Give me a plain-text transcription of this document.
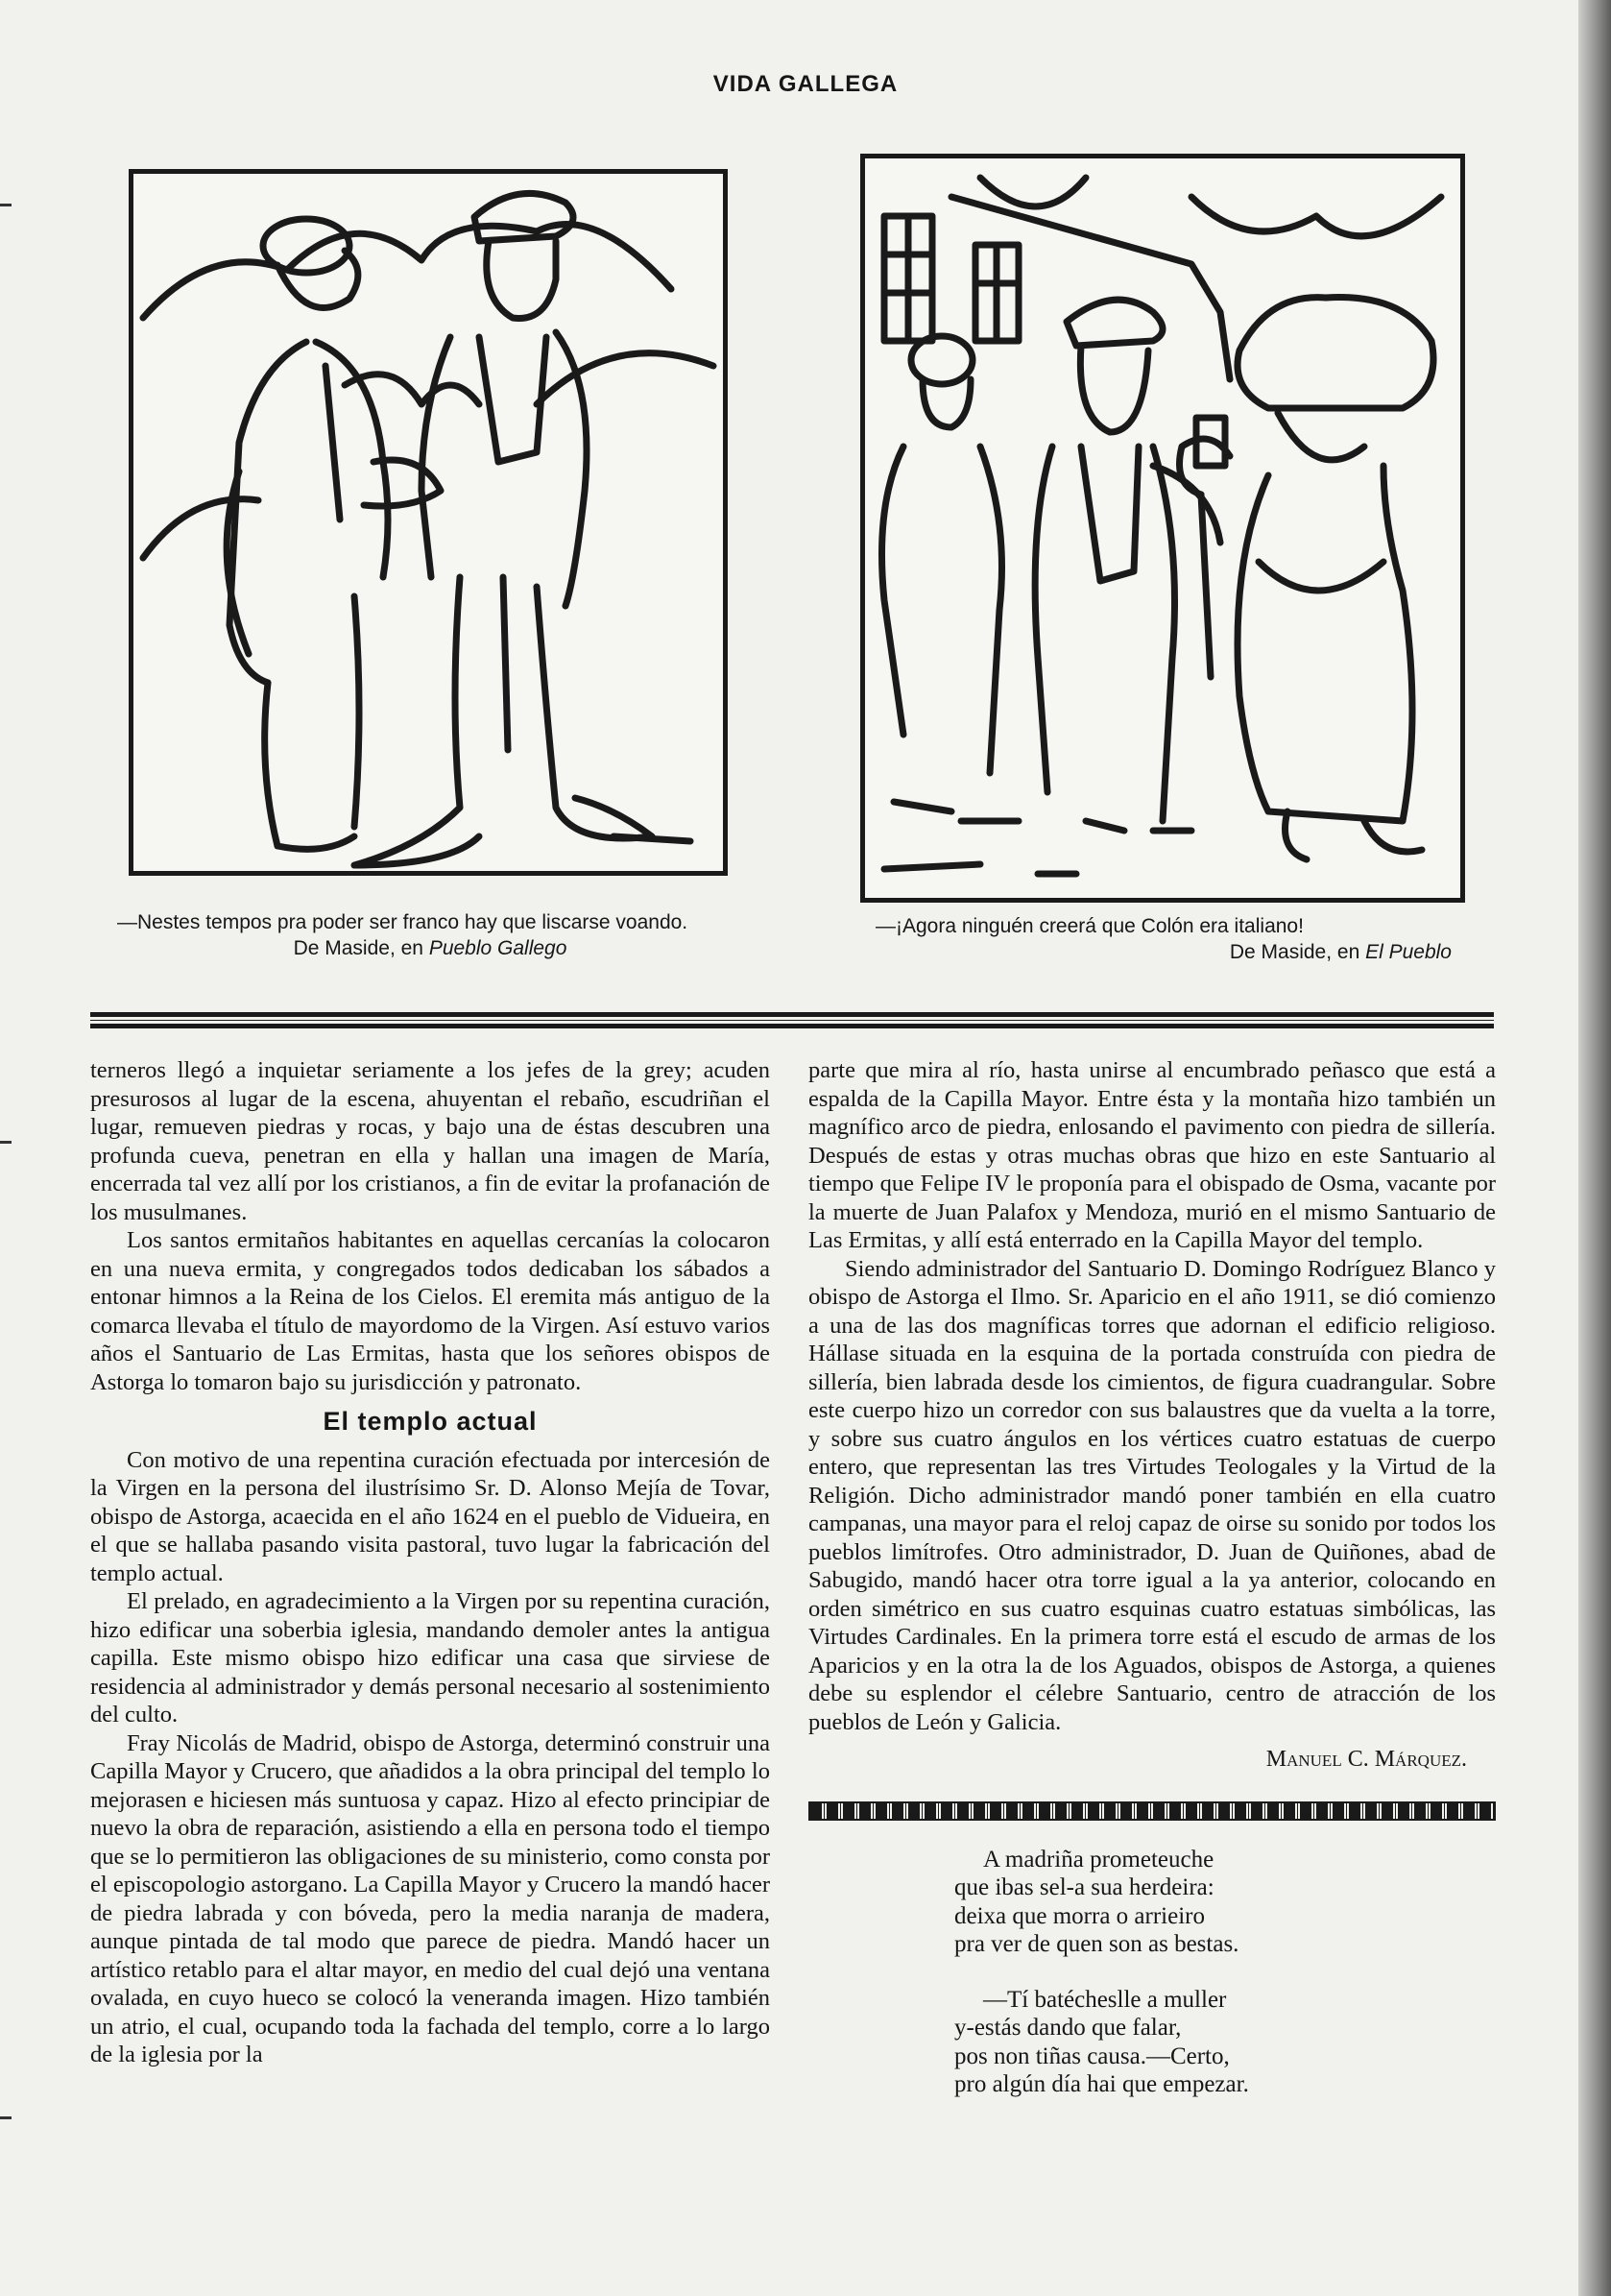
VIDA GALLEGA
—Nestes tempos pra poder ser franco hay que liscarse voando.
De Maside, en Pueblo Gallego
—¡Agora ninguén creerá que Colón era italiano!
De Maside, en El Pueblo

terneros llegó a inquietar seriamente a los jefes de la grey; acuden presurosos al lugar de la escena, ahuyentan el rebaño, escudriñan el lugar, remueven piedras y rocas, y bajo una de éstas descubren una profunda cueva, penetran en ella y hallan una imagen de María, encerrada tal vez allí por los cristianos, a fin de evitar la profanación de los musulmanes.

Los santos ermitaños habitantes en aquellas cercanías la colocaron en una nueva ermita, y congregados todos dedicaban los sábados a entonar himnos a la Reina de los Cielos. El eremita más antiguo de la comarca llevaba el título de mayordomo de la Virgen. Así estuvo varios años el Santuario de Las Ermitas, hasta que los señores obispos de Astorga lo tomaron bajo su jurisdicción y patronato.

El templo actual

Con motivo de una repentina curación efectuada por intercesión de la Virgen en la persona del ilustrísimo Sr. D. Alonso Mejía de Tovar, obispo de Astorga, acaecida en el año 1624 en el pueblo de Vidueira, en el que se hallaba pasando visita pastoral, tuvo lugar la fabricación del templo actual.

El prelado, en agradecimiento a la Virgen por su repentina curación, hizo edificar una soberbia iglesia, mandando demoler antes la antigua capilla. Este mismo obispo hizo edificar una casa que sirviese de residencia al administrador y demás personal necesario al sostenimiento del culto.

Fray Nicolás de Madrid, obispo de Astorga, determinó construir una Capilla Mayor y Crucero, que añadidos a la obra principal del templo lo mejorasen e hiciesen más suntuosa y capaz. Hizo al efecto principiar de nuevo la obra de reparación, asistiendo a ella en persona todo el tiempo que se lo permitieron las obligaciones de su ministerio, como consta por el episcopologio astorgano. La Capilla Mayor y Crucero la mandó hacer de piedra labrada y con bóveda, pero la media naranja de madera, aunque pintada de tal modo que parece de piedra. Mandó hacer un artístico retablo para el altar mayor, en medio del cual dejó una ventana ovalada, en cuyo hueco se colocó la veneranda imagen. Hizo también un atrio, el cual, ocupando toda la fachada del templo, corre a lo largo de la iglesia por la

parte que mira al río, hasta unirse al encumbrado peñasco que está a espalda de la Capilla Mayor. Entre ésta y la montaña hizo también un magnífico arco de piedra, enlosando el pavimento con piedra de sillería. Después de estas y otras muchas obras que hizo en este Santuario al tiempo que Felipe IV le proponía para el obispado de Osma, vacante por la muerte de Juan Palafox y Mendoza, murió en el mismo Santuario de Las Ermitas, y allí está enterrado en la Capilla Mayor del templo.

Siendo administrador del Santuario D. Domingo Rodríguez Blanco y obispo de Astorga el Ilmo. Sr. Aparicio en el año 1911, se dió comienzo a una de las dos magníficas torres que adornan el edificio religioso. Hállase situada en la esquina de la portada construída con piedra de sillería, bien labrada desde los cimientos, de figura cuadrangular. Sobre este cuerpo hizo un corredor con sus balaustres que da vuelta a la torre, y sobre sus cuatro ángulos en los vértices cuatro estatuas de cuerpo entero, que representan las tres Virtudes Teologales y la Virtud de la Religión. Dicho administrador mandó poner también en ella cuatro campanas, una mayor para el reloj capaz de oirse su sonido por todos los pueblos limítrofes. Otro administrador, D. Juan de Quiñones, abad de Sabugido, mandó hacer otra torre igual a la ya anterior, colocando en orden simétrico en sus cuatro esquinas cuatro estatuas simbólicas, las Virtudes Cardinales. En la primera torre está el escudo de armas de los Aparicios y en la otra la de los Aguados, obispos de Astorga, a quienes debe su esplendor el célebre Santuario, centro de atracción de los pueblos de León y Galicia.

Manuel C. Márquez.
A madriña prometeuche
que ibas sel-a sua herdeira:
deixa que morra o arrieiro
pra ver de quen son as bestas.
—Tí batécheslle a muller
y-estás dando que falar,
pos non tiñas causa.—Certo,
pro algún día hai que empezar.
